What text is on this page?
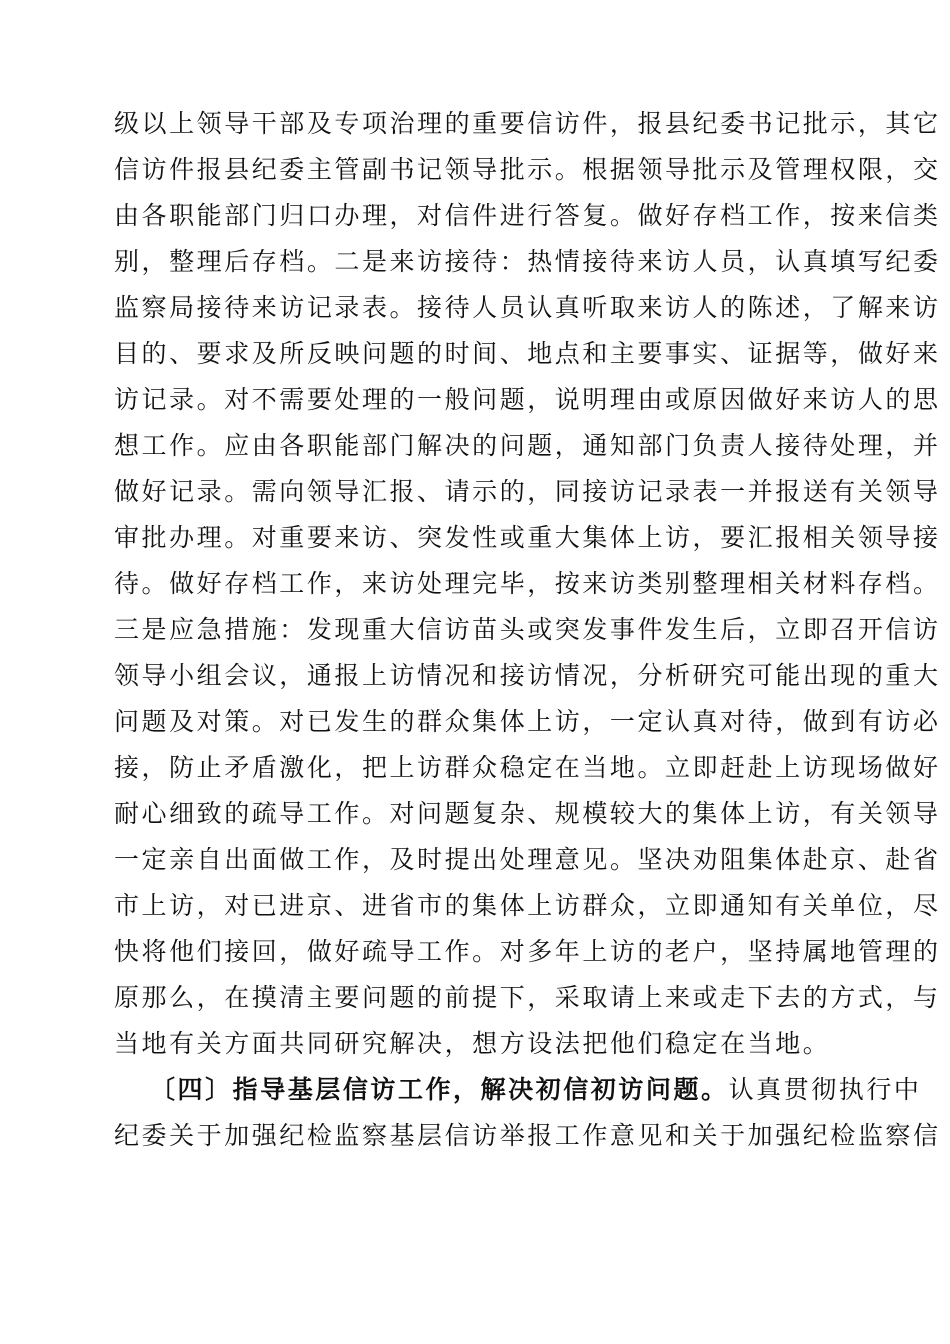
级以上领导干部及专项治理的重要信访件，报县纪委书记批示，其它
信访件报县纪委主管副书记领导批示。根据领导批示及管理权限，交
由各职能部门归口办理，对信件进行答复。做好存档工作，按来信类
别，整理后存档。二是来访接待：热情接待来访人员，认真填写纪委
监察局接待来访记录表。接待人员认真听取来访人的陈述，了解来访
目的、要求及所反映问题的时间、地点和主要事实、证据等，做好来
访记录。对不需要处理的一般问题，说明理由或原因做好来访人的思
想工作。应由各职能部门解决的问题，通知部门负责人接待处理，并
做好记录。需向领导汇报、请示的，同接访记录表一并报送有关领导
审批办理。对重要来访、突发性或重大集体上访，要汇报相关领导接
待。做好存档工作，来访处理完毕，按来访类别整理相关材料存档。
三是应急措施：发现重大信访苗头或突发事件发生后，立即召开信访
领导小组会议，通报上访情况和接访情况，分析研究可能出现的重大
问题及对策。对已发生的群众集体上访，一定认真对待，做到有访必
接，防止矛盾激化，把上访群众稳定在当地。立即赶赴上访现场做好
耐心细致的疏导工作。对问题复杂、规模较大的集体上访，有关领导
一定亲自出面做工作，及时提出处理意见。坚决劝阻集体赴京、赴省
市上访，对已进京、进省市的集体上访群众，立即通知有关单位，尽
快将他们接回，做好疏导工作。对多年上访的老户，坚持属地管理的
原那么，在摸清主要问题的前提下，采取请上来或走下去的方式，与
当地有关方面共同研究解决，想方设法把他们稳定在当地。
〔四〕指导基层信访工作，解决初信初访问题。认真贯彻执行中
纪委关于加强纪检监察基层信访举报工作意见和关于加强纪检监察信
